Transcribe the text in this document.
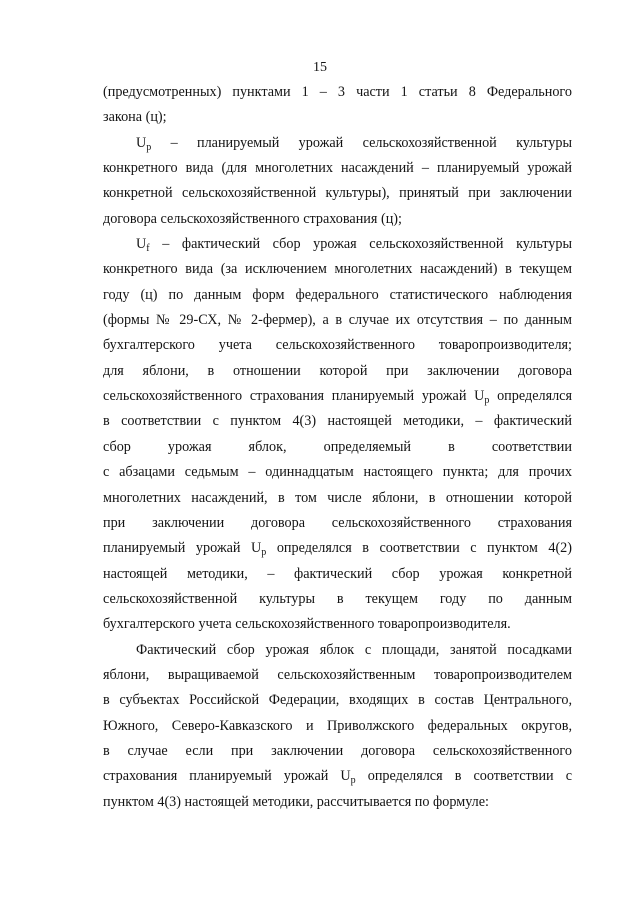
15
(предусмотренных) пунктами 1 – 3 части 1 статьи 8 Федерального
закона (ц);
$U_p$ – планируемый урожай сельскохозяйственной культуры
конкретного вида (для многолетних насаждений – планируемый урожай
конкретной сельскохозяйственной культуры), принятый при заключении
договора сельскохозяйственного страхования (ц);
$U_f$ – фактический сбор урожая сельскохозяйственной культуры
конкретного вида (за исключением многолетних насаждений) в текущем
году (ц) по данным форм федерального статистического наблюдения
(формы № 29-СХ, № 2-фермер), а в случае их отсутствия – по данным
бухгалтерского учета сельскохозяйственного товаропроизводителя;
для яблони, в отношении которой при заключении договора
сельскохозяйственного страхования планируемый урожай $U_p$ определялся
в соответствии с пунктом 4(3) настоящей методики, – фактический
сбор урожая яблок, определяемый в соответствии
с абзацами седьмым – одиннадцатым настоящего пункта; для прочих
многолетних насаждений, в том числе яблони, в отношении которой
при заключении договора сельскохозяйственного страхования
планируемый урожай $U_p$ определялся в соответствии с пунктом 4(2)
настоящей методики, – фактический сбор урожая конкретной
сельскохозяйственной культуры в текущем году по данным
бухгалтерского учета сельскохозяйственного товаропроизводителя.
Фактический сбор урожая яблок с площади, занятой посадками
яблони, выращиваемой сельскохозяйственным товаропроизводителем
в субъектах Российской Федерации, входящих в состав Центрального,
Южного, Северо-Кавказского и Приволжского федеральных округов,
в случае если при заключении договора сельскохозяйственного
страхования планируемый урожай $U_p$ определялся в соответствии с
пунктом 4(3) настоящей методики, рассчитывается по формуле:
